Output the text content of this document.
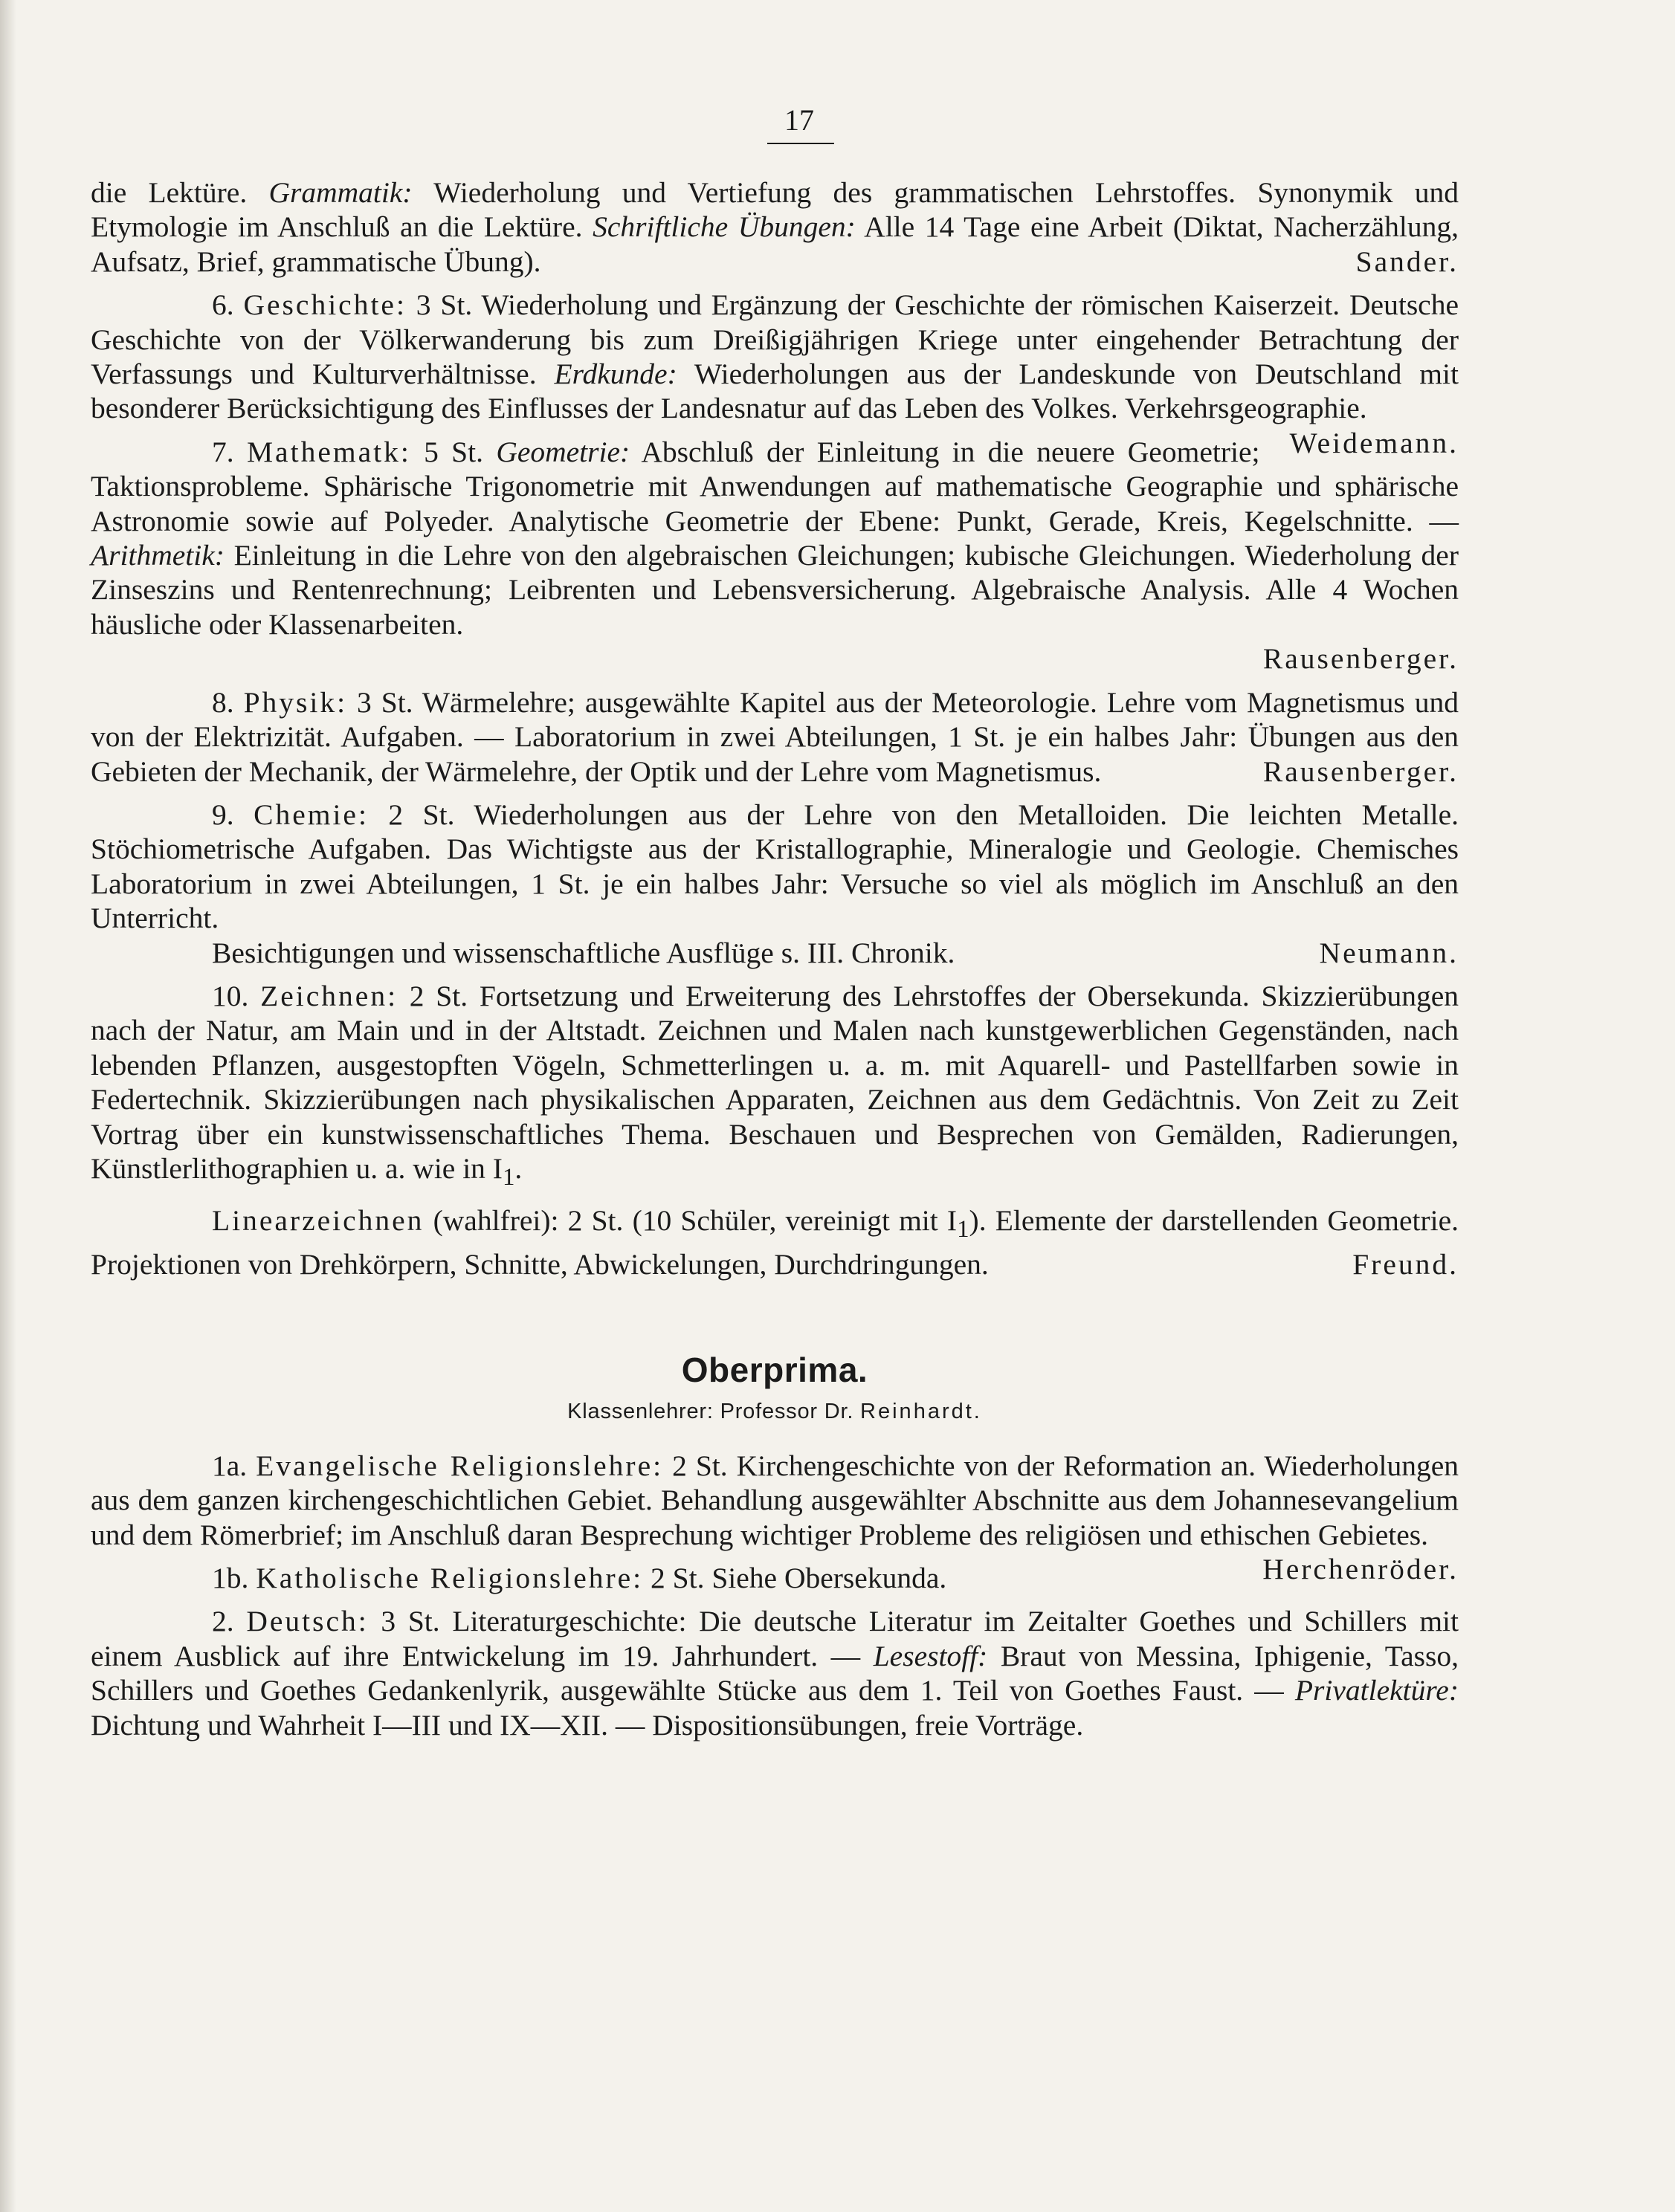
17

die Lektüre. Grammatik: Wiederholung und Vertiefung des grammatischen Lehrstoffes. Synonymik und Etymologie im Anschluß an die Lektüre. Schriftliche Übungen: Alle 14 Tage eine Arbeit (Diktat, Nacherzählung, Aufsatz, Brief, grammatische Übung).	Sander.

6. Geschichte: 3 St. Wiederholung und Ergänzung der Geschichte der römischen Kaiserzeit. Deutsche Geschichte von der Völkerwanderung bis zum Dreißigjährigen Kriege unter eingehender Betrachtung der Verfassungs und Kulturverhältnisse. Erdkunde: Wiederholungen aus der Landeskunde von Deutschland mit besonderer Berücksichtigung des Einflusses der Landesnatur auf das Leben des Volkes. Verkehrsgeographie.
Weidemann.

7. Mathematk: 5 St. Geometrie: Abschluß der Einleitung in die neuere Geometrie; Taktionsprobleme. Sphärische Trigonometrie mit Anwendungen auf mathematische Geographie und sphärische Astronomie sowie auf Polyeder. Analytische Geometrie der Ebene: Punkt, Gerade, Kreis, Kegelschnitte. — Arithmetik: Einleitung in die Lehre von den algebraischen Gleichungen; kubische Gleichungen. Wiederholung der Zinseszins und Rentenrechnung; Leibrenten und Lebensversicherung. Algebraische Analysis. Alle 4 Wochen häusliche oder Klassenarbeiten.

Rausenberger.

8. Physik: 3 St. Wärmelehre; ausgewählte Kapitel aus der Meteorologie. Lehre vom Magnetismus und von der Elektrizität. Aufgaben. — Laboratorium in zwei Abteilungen, 1 St. je ein halbes Jahr: Übungen aus den Gebieten der Mechanik, der Wärmelehre, der Optik und der Lehre vom Magnetismus.	Rausenberger.

9. Chemie: 2 St. Wiederholungen aus der Lehre von den Metalloiden. Die leichten Metalle. Stöchiometrische Aufgaben. Das Wichtigste aus der Kristallographie, Mineralogie und Geologie. Chemisches Laboratorium in zwei Abteilungen, 1 St. je ein halbes Jahr: Versuche so viel als möglich im Anschluß an den Unterricht.

Besichtigungen und wissenschaftliche Ausflüge s. III. Chronik.	Neumann.

10. Zeichnen: 2 St. Fortsetzung und Erweiterung des Lehrstoffes der Obersekunda. Skizzierübungen nach der Natur, am Main und in der Altstadt. Zeichnen und Malen nach kunstgewerblichen Gegenständen, nach lebenden Pflanzen, ausgestopften Vögeln, Schmetterlingen u. a. m. mit Aquarell- und Pastellfarben sowie in Federtechnik. Skizzierübungen nach physikalischen Apparaten, Zeichnen aus dem Gedächtnis. Von Zeit zu Zeit Vortrag über ein kunstwissenschaftliches Thema. Beschauen und Besprechen von Gemälden, Radierungen, Künstlerlithographien u. a. wie in $I_1$.

Linearzeichnen (wahlfrei): 2 St. (10 Schüler, vereinigt mit $I_1$). Elemente der darstellenden Geometrie. Projektionen von Drehkörpern, Schnitte, Abwickelungen, Durchdringungen.	Freund.

Oberprima.

Klassenlehrer: Professor Dr. Reinhardt.

1a. Evangelische Religionslehre: 2 St. Kirchengeschichte von der Reformation an. Wiederholungen aus dem ganzen kirchengeschichtlichen Gebiet. Behandlung ausgewählter Abschnitte aus dem Johannesevangelium und dem Römerbrief; im Anschluß daran Besprechung wichtiger Probleme des religiösen und ethischen Gebietes.
Herchenröder.

1b. Katholische Religionslehre: 2 St. Siehe Obersekunda.

2. Deutsch: 3 St. Literaturgeschichte: Die deutsche Literatur im Zeitalter Goethes und Schillers mit einem Ausblick auf ihre Entwickelung im 19. Jahrhundert. — Lesestoff: Braut von Messina, Iphigenie, Tasso, Schillers und Goethes Gedankenlyrik, ausgewählte Stücke aus dem 1. Teil von Goethes Faust. — Privatlektüre: Dichtung und Wahrheit I—III und IX—XII. — Dispositionsübungen, freie Vorträge.
